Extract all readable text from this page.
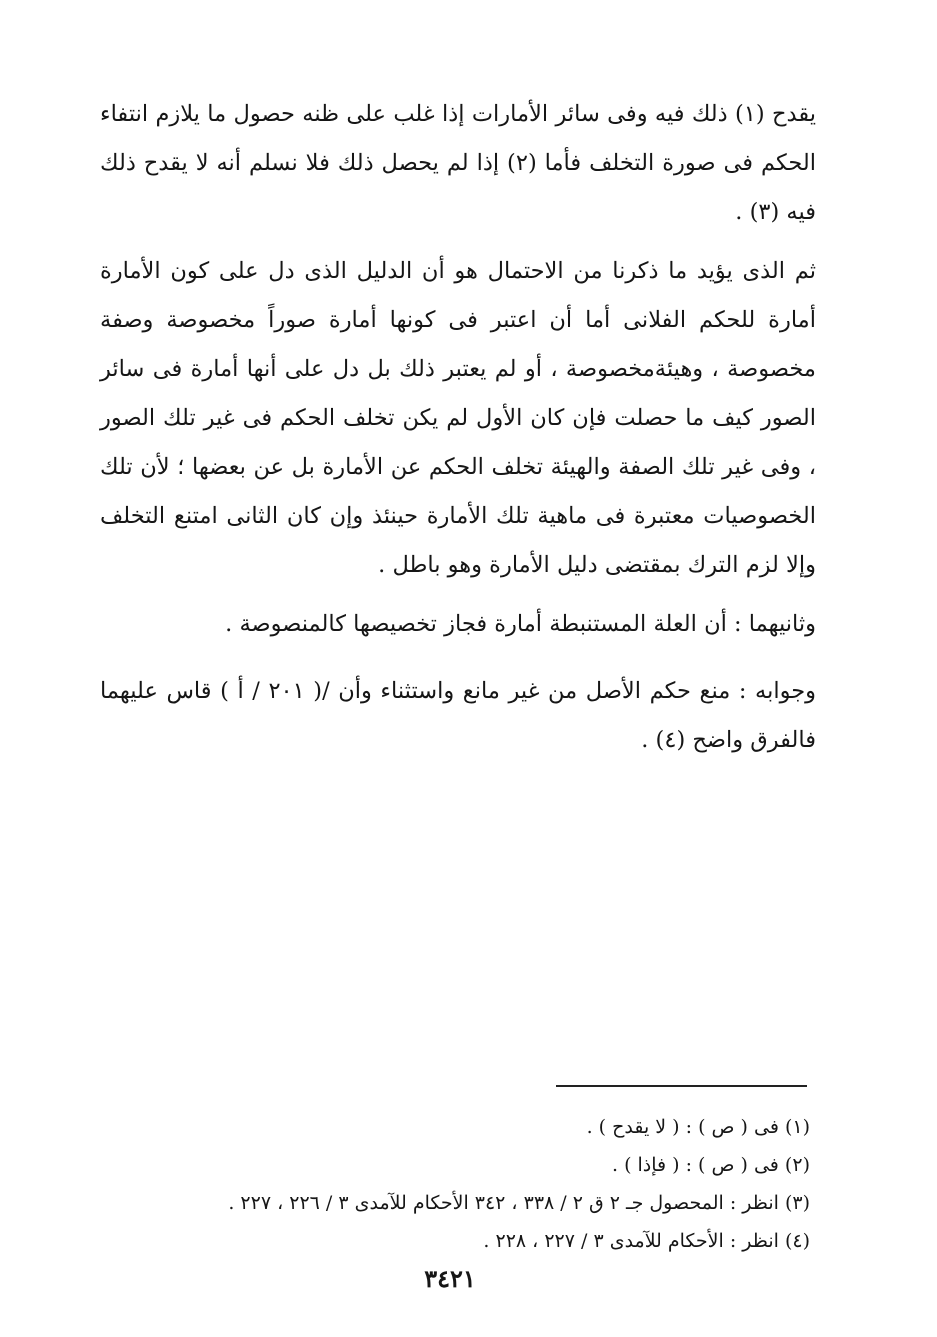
يقدح (١) ذلك فيه وفى سائر الأمارات إذا غلب على ظنه حصول ما يلازم انتفاء الحكم فى صورة التخلف فأما (٢) إذا لم يحصل ذلك فلا نسلم أنه لا يقدح ذلك فيه (٣) .

ثم الذى يؤيد ما ذكرنا من الاحتمال هو أن الدليل الذى دل على كون الأمارة أمارة للحكم الفلانى أما أن اعتبر فى كونها أمارة صوراً مخصوصة وصفة مخصوصة ، وهيئةمخصوصة ، أو لم يعتبر ذلك بل دل على أنها أمارة فى سائر الصور كيف ما حصلت فإن كان الأول لم يكن تخلف الحكم فى غير تلك الصور ، وفى غير تلك الصفة والهيئة تخلف الحكم عن الأمارة بل عن بعضها ؛ لأن تلك الخصوصيات معتبرة فى ماهية تلك الأمارة حينئذ وإن كان الثانى امتنع التخلف وإلا لزم الترك بمقتضى دليل الأمارة وهو باطل .

وثانيهما : أن العلة المستنبطة أمارة فجاز تخصيصها كالمنصوصة .

وجوابه : منع حكم الأصل من غير مانع واستثناء وأن /( ٢٠١ / أ ) قاس عليهما فالفرق واضح (٤) .

(١) فى ( ص ) : ( لا يقدح ) .

(٢) فى ( ص ) : ( فإذا ) .

(٣) انظر : المحصول جـ ٢ ق ٢ / ٣٣٨ ، ٣٤٢ الأحكام للآمدى ٣ / ٢٢٦ ، ٢٢٧ .

(٤) انظر : الأحكام للآمدى ٣ / ٢٢٧ ، ٢٢٨ .

٣٤٢١
